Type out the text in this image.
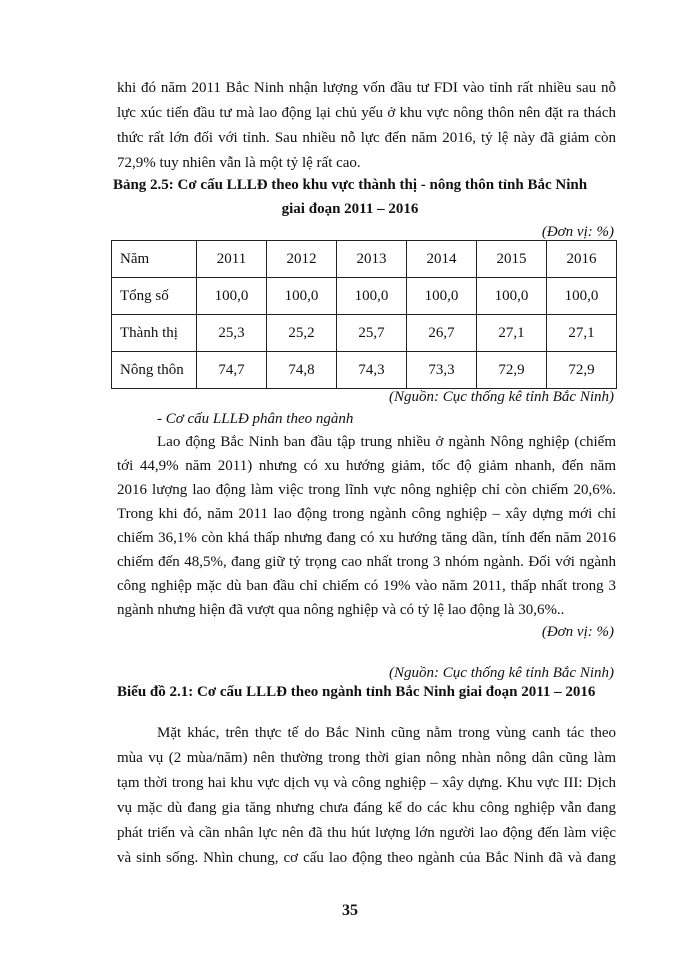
khi đó năm 2011 Bắc Ninh nhận lượng vốn đầu tư FDI vào tỉnh rất nhiều sau nỗ
lực xúc tiến đầu tư mà lao động lại chủ yếu ở khu vực nông thôn nên đặt ra thách
thức rất lớn đối với tỉnh. Sau nhiều nỗ lực đến năm 2016, tỷ lệ này đã giảm còn
72,9% tuy nhiên vẫn là một tỷ lệ rất cao.
Bảng 2.5: Cơ cấu LLLĐ theo khu vực thành thị - nông thôn tỉnh Bắc Ninh
giai đoạn 2011 – 2016
(Đơn vị: %)
Năm	2011	2012	2013	2014	2015	2016
Tổng số	100,0	100,0	100,0	100,0	100,0	100,0
Thành thị	25,3	25,2	25,7	26,7	27,1	27,1
Nông thôn	74,7	74,8	74,3	73,3	72,9	72,9
(Nguồn: Cục thống kê tỉnh Bắc Ninh)
- Cơ cấu LLLĐ phân theo ngành
Lao động Bắc Ninh ban đầu tập trung nhiều ở ngành Nông nghiệp (chiếm
tới 44,9% năm 2011) nhưng có xu hướng giảm, tốc độ giảm nhanh, đến năm
2016 lượng lao động làm việc trong lĩnh vực nông nghiệp chỉ còn chiếm 20,6%.
Trong khi đó, năm 2011 lao động trong ngành công nghiệp – xây dựng mới chỉ
chiếm 36,1% còn khá thấp nhưng đang có xu hướng tăng dần, tính đến năm 2016
chiếm đến 48,5%, đang giữ tỷ trọng cao nhất trong 3 nhóm ngành. Đối với ngành
công nghiệp mặc dù ban đầu chỉ chiếm có 19% vào năm 2011, thấp nhất trong 3
ngành nhưng hiện đã vượt qua nông nghiệp và có tỷ lệ lao động là 30,6%..
(Đơn vị: %)
(Nguồn: Cục thống kê tỉnh Bắc Ninh)
Biểu đồ 2.1: Cơ cấu LLLĐ theo ngành tỉnh Bắc Ninh giai đoạn 2011 – 2016
Mặt khác, trên thực tế do Bắc Ninh cũng nằm trong vùng canh tác theo
mùa vụ (2 mùa/năm) nên thường trong thời gian nông nhàn nông dân cũng làm
tạm thời trong hai khu vực dịch vụ và công nghiệp – xây dựng. Khu vực III: Dịch
vụ mặc dù đang gia tăng nhưng chưa đáng kể do các khu công nghiệp vẫn đang
phát triển và cần nhân lực nên đã thu hút lượng lớn người lao động đến làm việc
và sinh sống. Nhìn chung, cơ cấu lao động theo ngành của Bắc Ninh đã và đang
35
